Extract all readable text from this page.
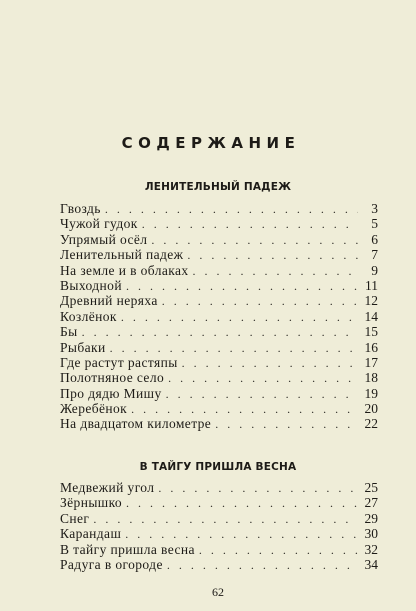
СОДЕРЖАНИЕ
ЛЕНИТЕЛЬНЫЙ ПАДЕЖ
Гвоздь . . .	3
Чужой гудок . . .	5
Упрямый осёл . . .	6
Ленительный падеж . . .	7
На земле и в облаках . . .	9
Выходной . . .	11
Древний неряха . . .	12
Козлёнок . . .	14
Бы . . .	15
Рыбаки . . .	16
Где растут растяпы . . .	17
Полотняное село . . .	18
Про дядю Мишу . . .	19
Жеребёнок . . .	20
На двадцатом километре . . .	22
В ТАЙГУ ПРИШЛА ВЕСНА
Медвежий угол . . .	25
Зёрнышко . . .	27
Снег . . .	29
Карандаш . . .	30
В тайгу пришла весна . . .	32
Радуга в огороде . . .	34
62
